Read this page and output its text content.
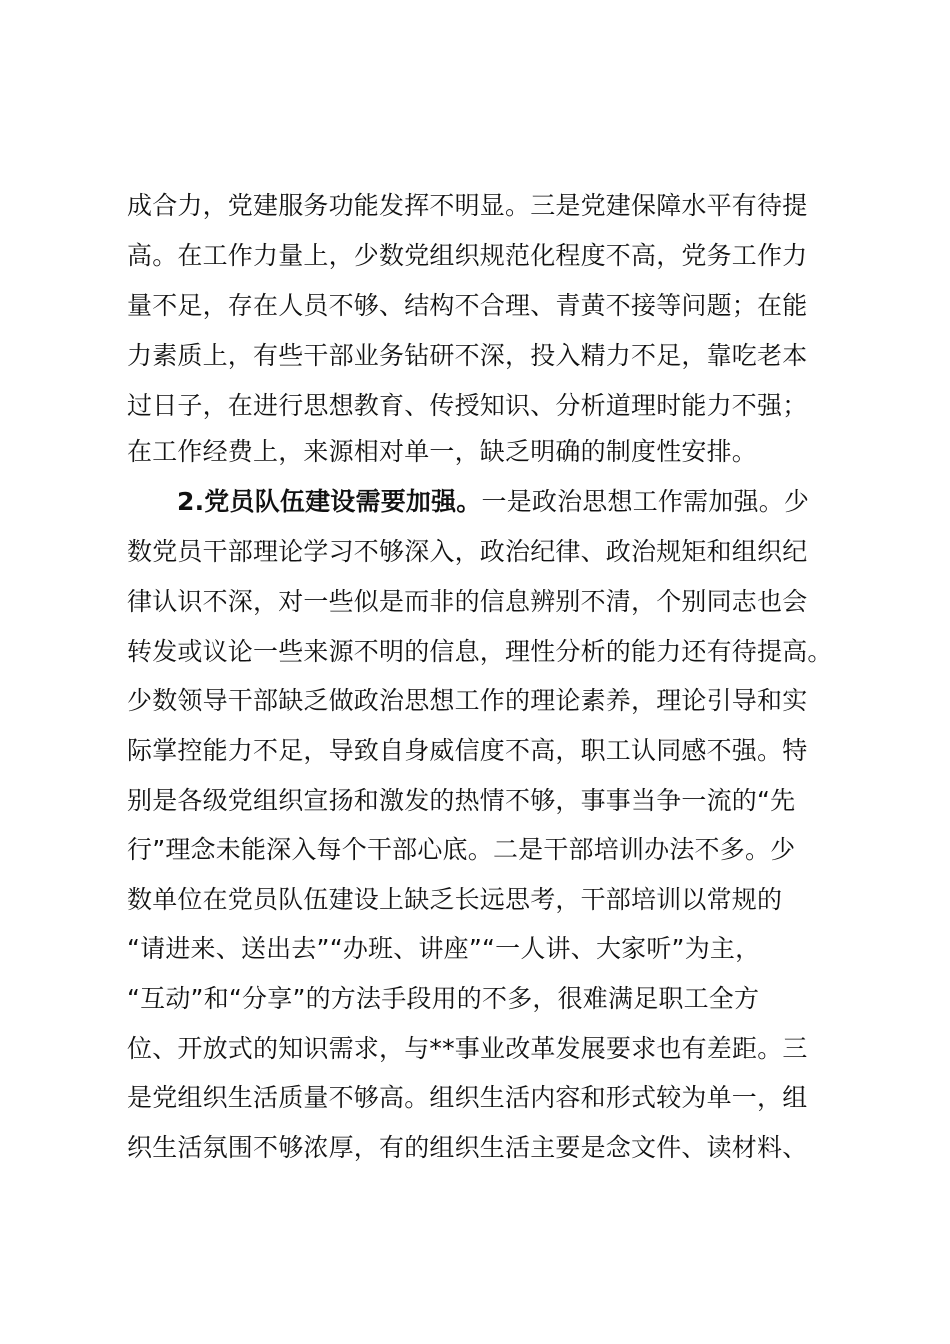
成合力，党建服务功能发挥不明显。三是党建保障水平有待提
高。在工作力量上，少数党组织规范化程度不高，党务工作力
量不足，存在人员不够、结构不合理、青黄不接等问题；在能
力素质上，有些干部业务钻研不深，投入精力不足，靠吃老本
过日子，在进行思想教育、传授知识、分析道理时能力不强；
在工作经费上，来源相对单一，缺乏明确的制度性安排。
2.党员队伍建设需要加强。一是政治思想工作需加强。少
数党员干部理论学习不够深入，政治纪律、政治规矩和组织纪
律认识不深，对一些似是而非的信息辨别不清，个别同志也会
转发或议论一些来源不明的信息，理性分析的能力还有待提高。
少数领导干部缺乏做政治思想工作的理论素养，理论引导和实
际掌控能力不足，导致自身威信度不高，职工认同感不强。特
别是各级党组织宣扬和激发的热情不够，事事当争一流的“先
行”理念未能深入每个干部心底。二是干部培训办法不多。少
数单位在党员队伍建设上缺乏长远思考，干部培训以常规的
“请进来、送出去”“办班、讲座”“一人讲、大家听”为主，
“互动”和“分享”的方法手段用的不多，很难满足职工全方
位、开放式的知识需求，与**事业改革发展要求也有差距。三
是党组织生活质量不够高。组织生活内容和形式较为单一，组
织生活氛围不够浓厚，有的组织生活主要是念文件、读材料、
